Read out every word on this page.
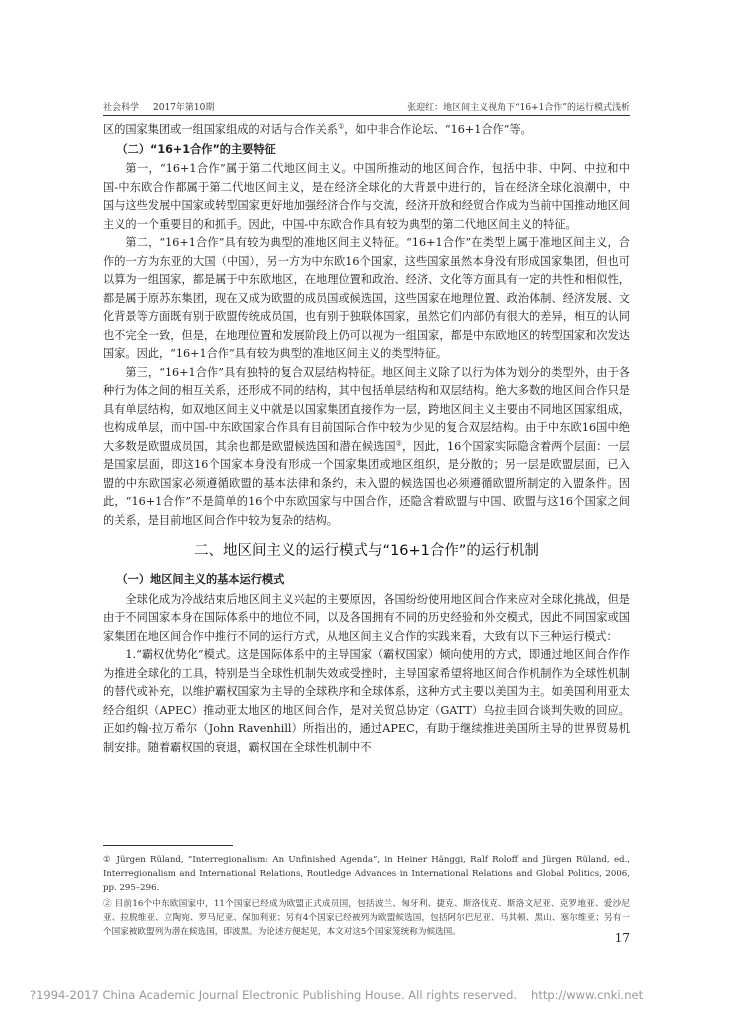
社会科学 2017年第10期	张迎红：地区间主义视角下“16+1合作”的运行模式浅析

区的国家集团或一组国家组成的对话与合作关系①，如中非合作论坛、“16+1合作”等。

（二）“16+1合作”的主要特征

第一，“16+1合作”属于第二代地区间主义。中国所推动的地区间合作，包括中非、中阿、中拉和中国-中东欧合作都属于第二代地区间主义，是在经济全球化的大背景中进行的，旨在经济全球化浪潮中，中国与这些发展中国家或转型国家更好地加强经济合作与交流，经济开放和经贸合作成为当前中国推动地区间主义的一个重要目的和抓手。因此，中国-中东欧合作具有较为典型的第二代地区间主义的特征。

第二，“16+1合作”具有较为典型的准地区间主义特征。“16+1合作”在类型上属于准地区间主义，合作的一方为东亚的大国（中国），另一方为中东欧16个国家，这些国家虽然本身没有形成国家集团，但也可以算为一组国家，都是属于中东欧地区，在地理位置和政治、经济、文化等方面具有一定的共性和相似性，都是属于原苏东集团，现在又成为欧盟的成员国或候选国，这些国家在地理位置、政治体制、经济发展、文化背景等方面既有别于欧盟传统成员国，也有别于独联体国家，虽然它们内部仍有很大的差异，相互的认同也不完全一致，但是，在地理位置和发展阶段上仍可以视为一组国家，都是中东欧地区的转型国家和次发达国家。因此，“16+1合作”具有较为典型的准地区间主义的类型特征。

第三，“16+1合作”具有独特的复合双层结构特征。地区间主义除了以行为体为划分的类型外，由于各种行为体之间的相互关系，还形成不同的结构，其中包括单层结构和双层结构。绝大多数的地区间合作只是具有单层结构，如双地区间主义中就是以国家集团直接作为一层，跨地区间主义主要由不同地区国家组成，也构成单层，而中国-中东欧国家合作具有目前国际合作中较为少见的复合双层结构。由于中东欧16国中绝大多数是欧盟成员国，其余也都是欧盟候选国和潜在候选国②，因此，16个国家实际隐含着两个层面：一层是国家层面，即这16个国家本身没有形成一个国家集团或地区组织，是分散的；另一层是欧盟层面，已入盟的中东欧国家必须遵循欧盟的基本法律和条约，未入盟的候选国也必须遵循欧盟所制定的入盟条件。因此，“16+1合作”不是简单的16个中东欧国家与中国合作，还隐含着欧盟与中国、欧盟与这16个国家之间的关系，是目前地区间合作中较为复杂的结构。

二、地区间主义的运行模式与“16+1合作”的运行机制
（一）地区间主义的基本运行模式

全球化成为冷战结束后地区间主义兴起的主要原因，各国纷纷使用地区间合作来应对全球化挑战，但是由于不同国家本身在国际体系中的地位不同，以及各国拥有不同的历史经验和外交模式，因此不同国家或国家集团在地区间合作中推行不同的运行方式，从地区间主义合作的实践来看，大致有以下三种运行模式：

1.“霸权优势化”模式。这是国际体系中的主导国家（霸权国家）倾向使用的方式，即通过地区间合作作为推进全球化的工具，特别是当全球性机制失效或受挫时，主导国家希望将地区间合作机制作为全球性机制的替代或补充，以维护霸权国家为主导的全球秩序和全球体系，这种方式主要以美国为主。如美国利用亚太经合组织（APEC）推动亚太地区的地区间合作，是对关贸总协定（GATT）乌拉圭回合谈判失败的回应。正如约翰·拉万希尔（John Ravenhill）所指出的，通过APEC，有助于继续推进美国所主导的世界贸易机制安排。随着霸权国的衰退，霸权国在全球性机制中不

① Jürgen Rüland, “Interregionalism: An Unfinished Agenda”, in Heiner Hänggi, Ralf Roloff and Jürgen Rüland, ed., Interregionalism and International Relations, Routledge Advances in International Relations and Global Politics, 2006, pp. 295–296.

② 目前16个中东欧国家中，11个国家已经成为欧盟正式成员国，包括波兰、匈牙利、捷克、斯洛伐克、斯洛文尼亚、克罗地亚、爱沙尼亚、拉脱维亚、立陶宛、罗马尼亚、保加利亚；另有4个国家已经被列为欧盟候选国，包括阿尔巴尼亚、马其顿、黑山、塞尔维亚；另有一个国家被欧盟列为潜在候选国，即波黑。为论述方便起见，本文对这5个国家笼统称为候选国。	17
?1994-2017 China Academic Journal Electronic Publishing House. All rights reserved. http://www.cnki.net
